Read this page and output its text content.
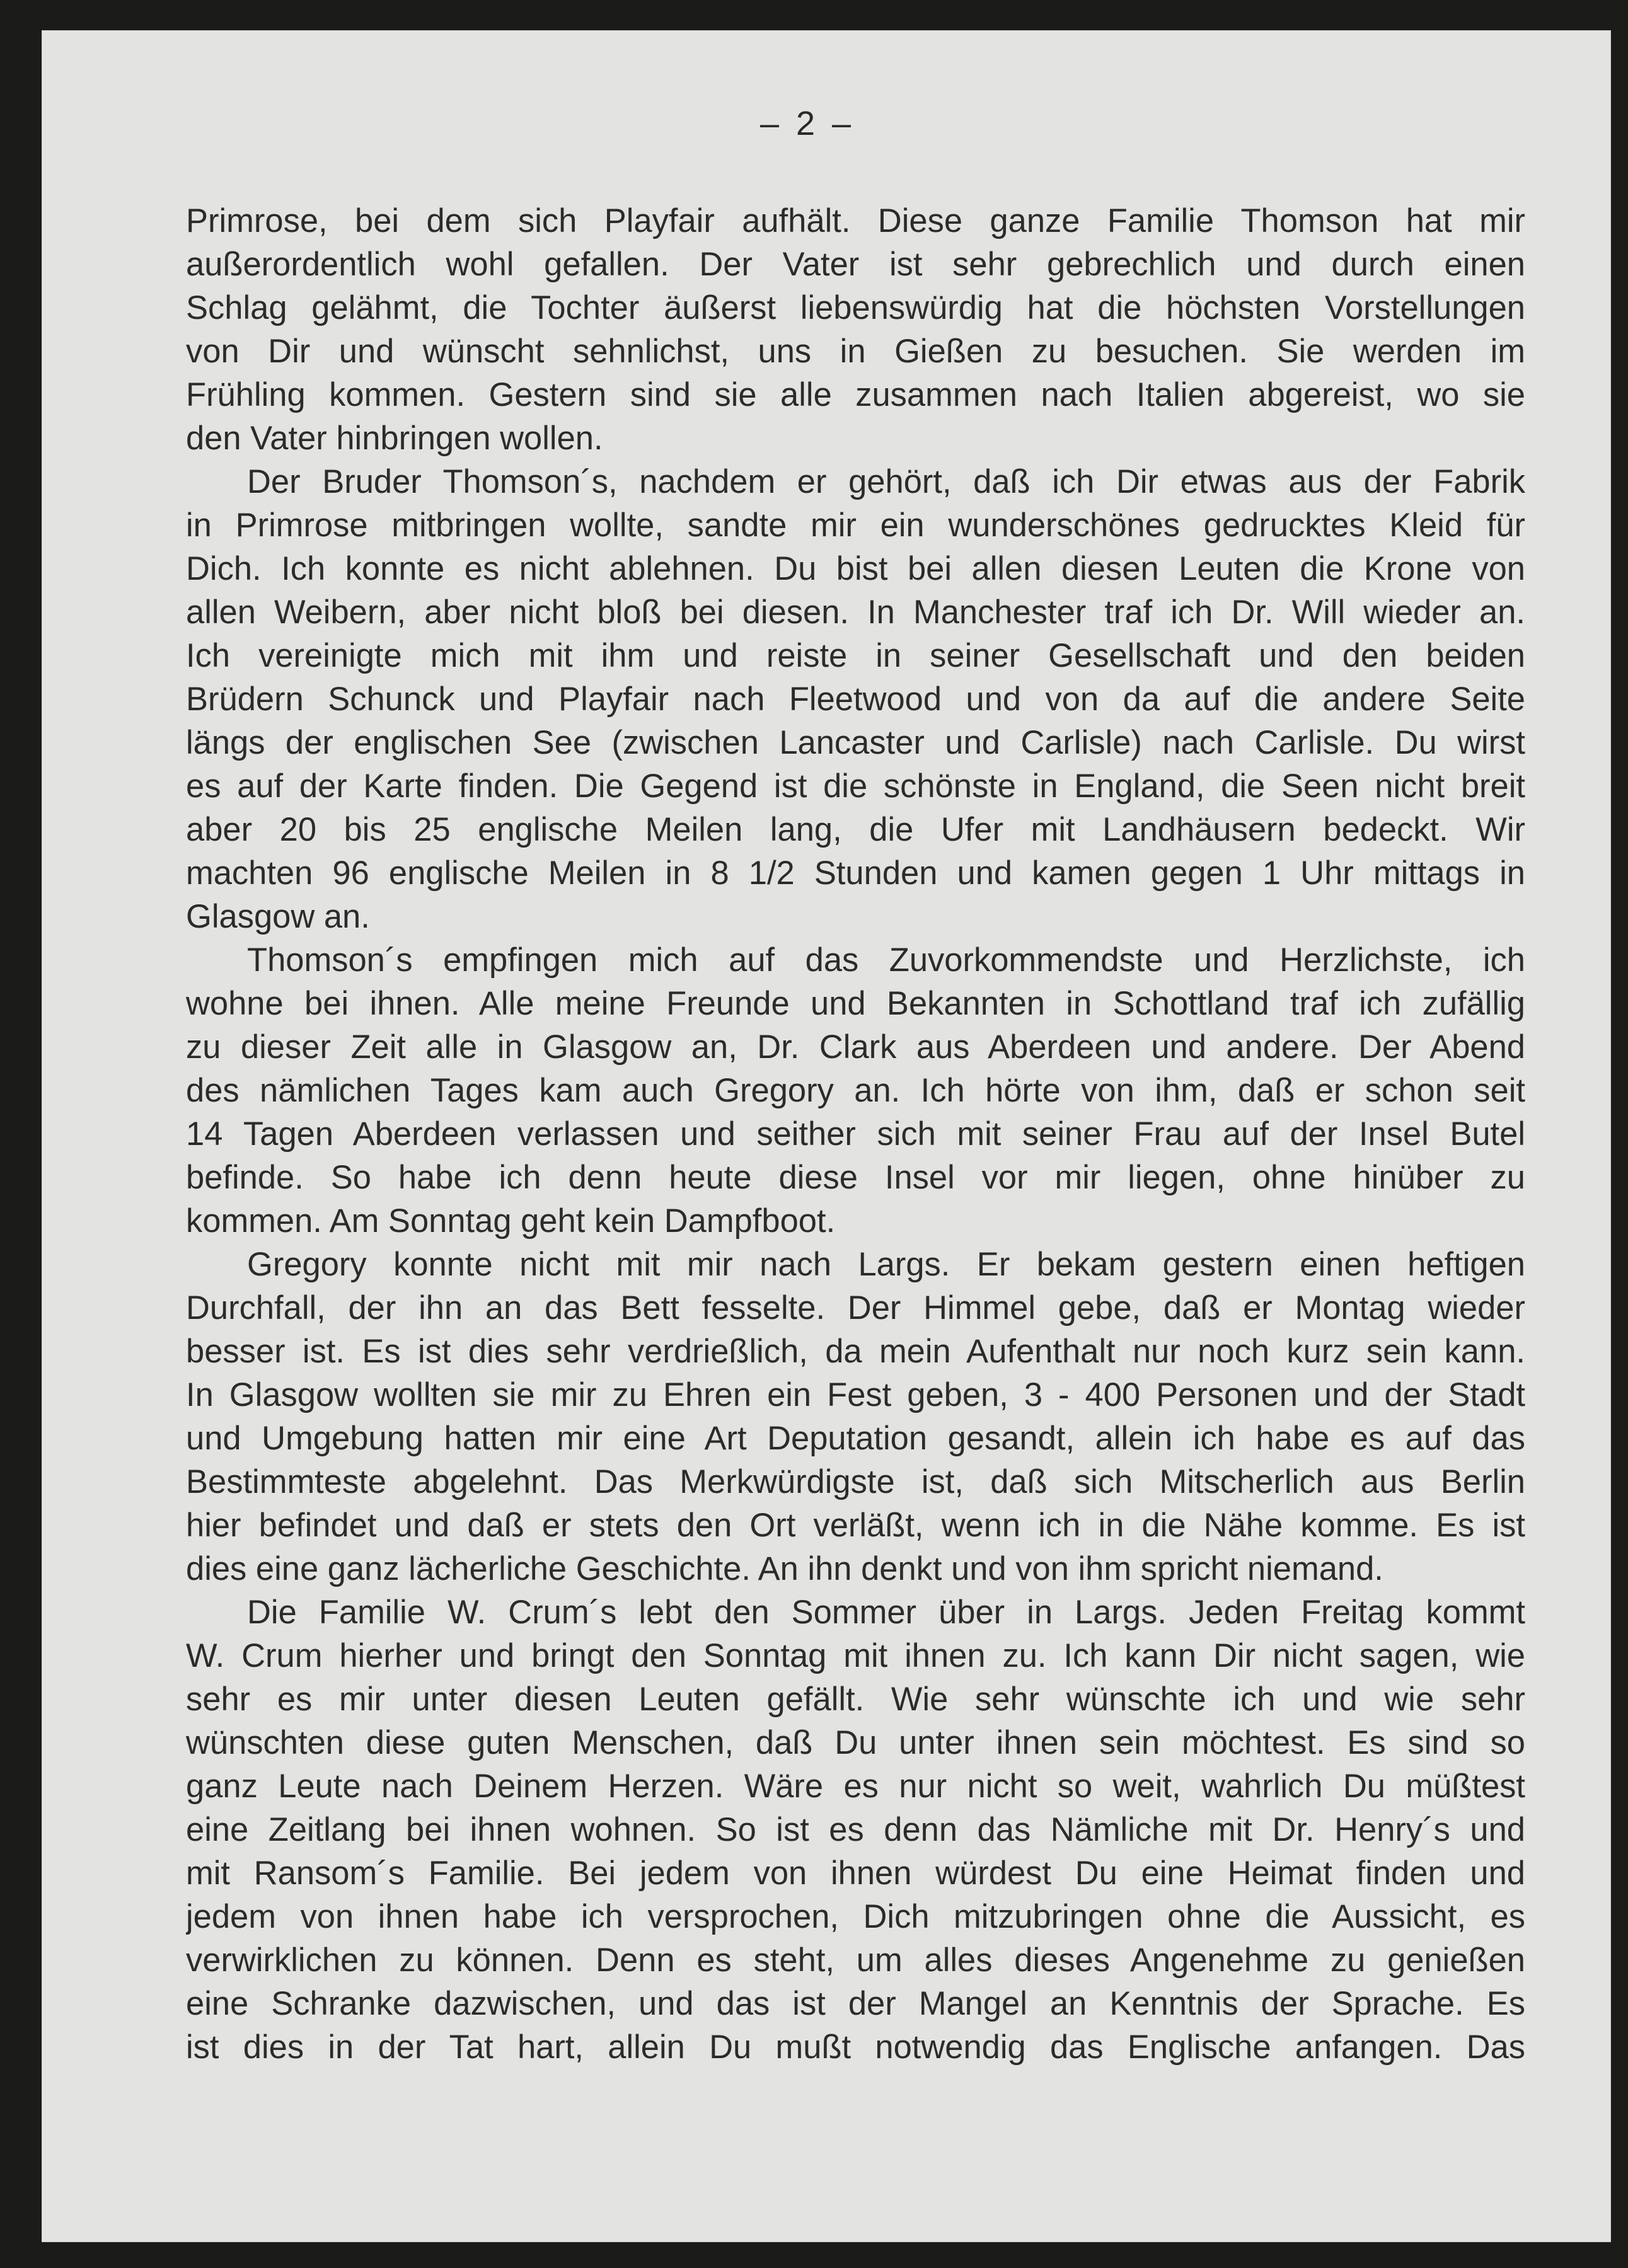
– 2 –
Primrose, bei dem sich Playfair aufhält. Diese ganze Familie Thomson hat mir
außerordentlich wohl gefallen. Der Vater ist sehr gebrechlich und durch einen
Schlag gelähmt, die Tochter äußerst liebenswürdig hat die höchsten Vorstellungen
von Dir und wünscht sehnlichst, uns in Gießen zu besuchen. Sie werden im
Frühling kommen. Gestern sind sie alle zusammen nach Italien abgereist, wo sie
den Vater hinbringen wollen.
Der Bruder Thomson´s, nachdem er gehört, daß ich Dir etwas aus der Fabrik
in Primrose mitbringen wollte, sandte mir ein wunderschönes gedrucktes Kleid für
Dich. Ich konnte es nicht ablehnen. Du bist bei allen diesen Leuten die Krone von
allen Weibern, aber nicht bloß bei diesen. In Manchester traf ich Dr. Will wieder an.
Ich vereinigte mich mit ihm und reiste in seiner Gesellschaft und den beiden
Brüdern Schunck und Playfair nach Fleetwood und von da auf die andere Seite
längs der englischen See (zwischen Lancaster und Carlisle) nach Carlisle. Du wirst
es auf der Karte finden. Die Gegend ist die schönste in England, die Seen nicht breit
aber 20 bis 25 englische Meilen lang, die Ufer mit Landhäusern bedeckt. Wir
machten 96 englische Meilen in 8 1/2 Stunden und kamen gegen 1 Uhr mittags in
Glasgow an.
Thomson´s empfingen mich auf das Zuvorkommendste und Herzlichste, ich
wohne bei ihnen. Alle meine Freunde und Bekannten in Schottland traf ich zufällig
zu dieser Zeit alle in Glasgow an, Dr. Clark aus Aberdeen und andere. Der Abend
des nämlichen Tages kam auch Gregory an. Ich hörte von ihm, daß er schon seit
14 Tagen Aberdeen verlassen und seither sich mit seiner Frau auf der Insel Butel
befinde. So habe ich denn heute diese Insel vor mir liegen, ohne hinüber zu
kommen. Am Sonntag geht kein Dampfboot.
Gregory konnte nicht mit mir nach Largs. Er bekam gestern einen heftigen
Durchfall, der ihn an das Bett fesselte. Der Himmel gebe, daß er Montag wieder
besser ist. Es ist dies sehr verdrießlich, da mein Aufenthalt nur noch kurz sein kann.
In Glasgow wollten sie mir zu Ehren ein Fest geben, 3 - 400 Personen und der Stadt
und Umgebung hatten mir eine Art Deputation gesandt, allein ich habe es auf das
Bestimmteste abgelehnt. Das Merkwürdigste ist, daß sich Mitscherlich aus Berlin
hier befindet und daß er stets den Ort verläßt, wenn ich in die Nähe komme. Es ist
dies eine ganz lächerliche Geschichte. An ihn denkt und von ihm spricht niemand.
Die Familie W. Crum´s lebt den Sommer über in Largs. Jeden Freitag kommt
W. Crum hierher und bringt den Sonntag mit ihnen zu. Ich kann Dir nicht sagen, wie
sehr es mir unter diesen Leuten gefällt. Wie sehr wünschte ich und wie sehr
wünschten diese guten Menschen, daß Du unter ihnen sein möchtest. Es sind so
ganz Leute nach Deinem Herzen. Wäre es nur nicht so weit, wahrlich Du müßtest
eine Zeitlang bei ihnen wohnen. So ist es denn das Nämliche mit Dr. Henry´s und
mit Ransom´s Familie. Bei jedem von ihnen würdest Du eine Heimat finden und
jedem von ihnen habe ich versprochen, Dich mitzubringen ohne die Aussicht, es
verwirklichen zu können. Denn es steht, um alles dieses Angenehme zu genießen
eine Schranke dazwischen, und das ist der Mangel an Kenntnis der Sprache. Es
ist dies in der Tat hart, allein Du mußt notwendig das Englische anfangen. Das
